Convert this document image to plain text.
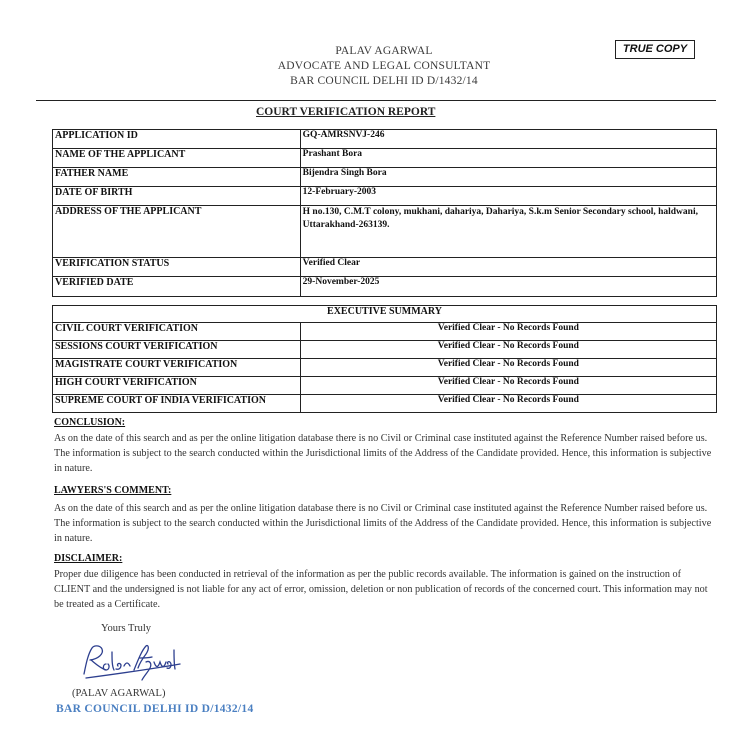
PALAV AGARWAL
ADVOCATE AND LEGAL CONSULTANT
BAR COUNCIL DELHI ID D/1432/14
TRUE COPY
COURT VERIFICATION REPORT
APPLICATION ID	GQ-AMRSNVJ-246
NAME OF THE APPLICANT	Prashant Bora
FATHER NAME	Bijendra Singh Bora
DATE OF BIRTH	12-February-2003
ADDRESS OF THE APPLICANT	H no.130, C.M.T colony, mukhani, dahariya, Dahariya, S.k.m Senior Secondary school, haldwani, Uttarakhand-263139.
VERIFICATION STATUS	Verified Clear
VERIFIED DATE	29-November-2025
EXECUTIVE SUMMARY	
CIVIL COURT VERIFICATION	Verified Clear - No Records Found
SESSIONS COURT VERIFICATION	Verified Clear - No Records Found
MAGISTRATE COURT VERIFICATION	Verified Clear - No Records Found
HIGH COURT VERIFICATION	Verified Clear - No Records Found
SUPREME COURT OF INDIA VERIFICATION	Verified Clear - No Records Found
CONCLUSION:
As on the date of this search and as per the online litigation database there is no Civil or Criminal case instituted against the Reference Number raised before us. The information is subject to the search conducted within the Jurisdictional limits of the Address of the Candidate provided. Hence, this information is subjective in nature.
LAWYERS'S COMMENT:
As on the date of this search and as per the online litigation database there is no Civil or Criminal case instituted against the Reference Number raised before us. The information is subject to the search conducted within the Jurisdictional limits of the Address of the Candidate provided. Hence, this information is subjective in nature.
DISCLAIMER:
Proper due diligence has been conducted in retrieval of the information as per the public records available. The information is gained on the instruction of CLIENT and the undersigned is not liable for any act of error, omission, deletion or non publication of records of the concerned court. This information may not be treated as a Certificate.
Yours Truly
(PALAV AGARWAL)
BAR COUNCIL DELHI ID D/1432/14
